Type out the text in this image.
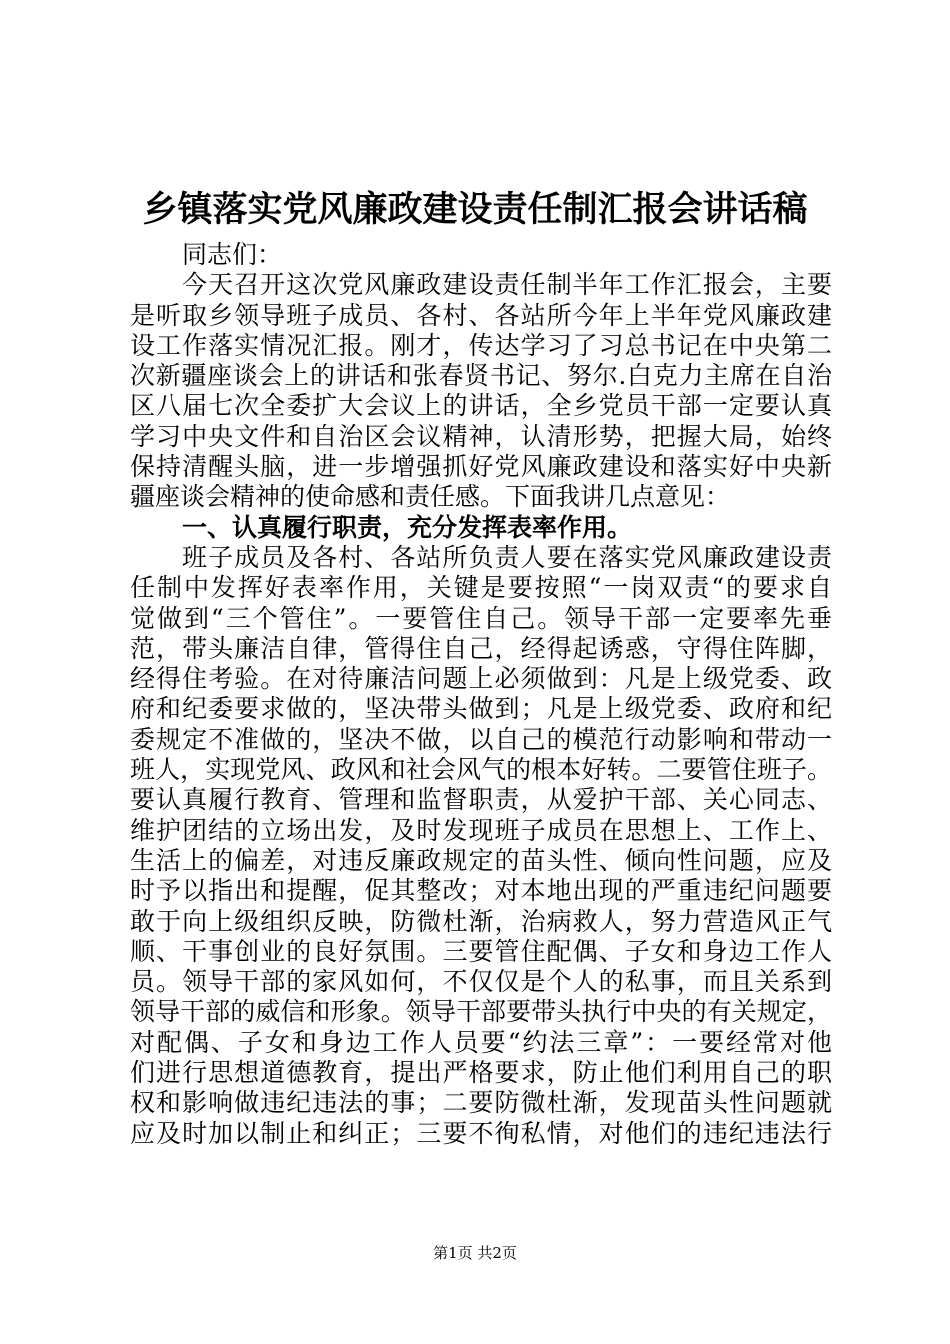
乡镇落实党风廉政建设责任制汇报会讲话稿
同志们：
今天召开这次党风廉政建设责任制半年工作汇报会，主要
是听取乡领导班子成员、各村、各站所今年上半年党风廉政建
设工作落实情况汇报。刚才，传达学习了习总书记在中央第二
次新疆座谈会上的讲话和张春贤书记、努尔.白克力主席在自治
区八届七次全委扩大会议上的讲话，全乡党员干部一定要认真
学习中央文件和自治区会议精神，认清形势，把握大局，始终
保持清醒头脑，进一步增强抓好党风廉政建设和落实好中央新
疆座谈会精神的使命感和责任感。下面我讲几点意见：
一、认真履行职责，充分发挥表率作用。
班子成员及各村、各站所负责人要在落实党风廉政建设责
任制中发挥好表率作用，关键是要按照“一岗双责“的要求自
觉做到“三个管住”。一要管住自己。领导干部一定要率先垂
范，带头廉洁自律，管得住自己，经得起诱惑，守得住阵脚，
经得住考验。在对待廉洁问题上必须做到：凡是上级党委、政
府和纪委要求做的，坚决带头做到；凡是上级党委、政府和纪
委规定不准做的，坚决不做，以自己的模范行动影响和带动一
班人，实现党风、政风和社会风气的根本好转。二要管住班子。
要认真履行教育、管理和监督职责，从爱护干部、关心同志、
维护团结的立场出发，及时发现班子成员在思想上、工作上、
生活上的偏差，对违反廉政规定的苗头性、倾向性问题，应及
时予以指出和提醒，促其整改；对本地出现的严重违纪问题要
敢于向上级组织反映，防微杜渐，治病救人，努力营造风正气
顺、干事创业的良好氛围。三要管住配偶、子女和身边工作人
员。领导干部的家风如何，不仅仅是个人的私事，而且关系到
领导干部的威信和形象。领导干部要带头执行中央的有关规定，
对配偶、子女和身边工作人员要“约法三章”：一要经常对他
们进行思想道德教育，提出严格要求，防止他们利用自己的职
权和影响做违纪违法的事；二要防微杜渐，发现苗头性问题就
应及时加以制止和纠正；三要不徇私情，对他们的违纪违法行
第1页 共2页
